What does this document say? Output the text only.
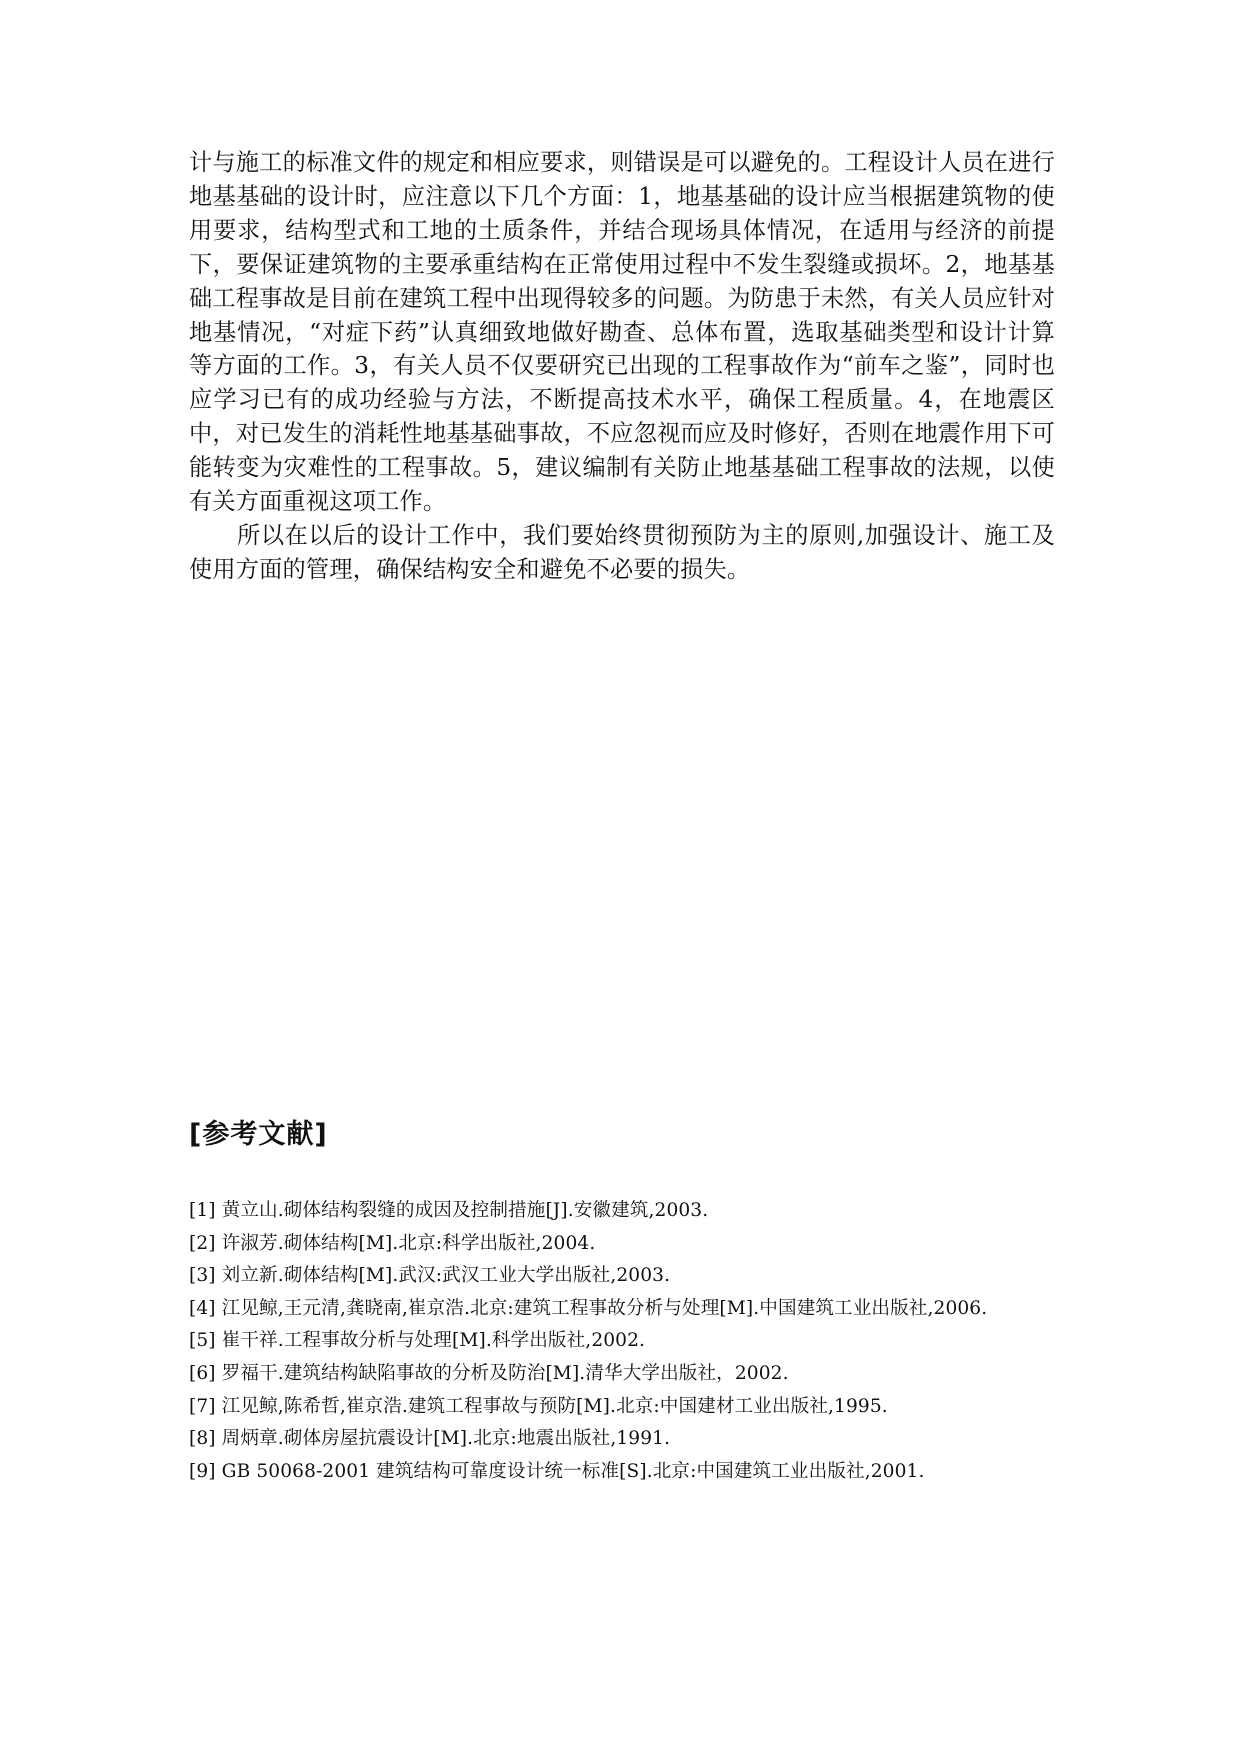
计与施工的标准文件的规定和相应要求，则错误是可以避免的。工程设计人员在进行地基基础的设计时，应注意以下几个方面：1，地基基础的设计应当根据建筑物的使用要求，结构型式和工地的土质条件，并结合现场具体情况，在适用与经济的前提下，要保证建筑物的主要承重结构在正常使用过程中不发生裂缝或损坏。2，地基基础工程事故是目前在建筑工程中出现得较多的问题。为防患于未然，有关人员应针对地基情况，“对症下药”认真细致地做好勘查、总体布置，选取基础类型和设计计算等方面的工作。3，有关人员不仅要研究已出现的工程事故作为“前车之鉴”，同时也应学习已有的成功经验与方法，不断提高技术水平，确保工程质量。4，在地震区中，对已发生的消耗性地基基础事故，不应忽视而应及时修好，否则在地震作用下可能转变为灾难性的工程事故。5，建议编制有关防止地基基础工程事故的法规，以使有关方面重视这项工作。

所以在以后的设计工作中，我们要始终贯彻预防为主的原则,加强设计、施工及使用方面的管理，确保结构安全和避免不必要的损失。

[参考文献]

[1] 黄立山.砌体结构裂缝的成因及控制措施[J].安徽建筑,2003.

[2] 许淑芳.砌体结构[M].北京:科学出版社,2004.

[3] 刘立新.砌体结构[M].武汉:武汉工业大学出版社,2003.

[4] 江见鲸,王元清,龚晓南,崔京浩.北京:建筑工程事故分析与处理[M].中国建筑工业出版社,2006.

[5] 崔干祥.工程事故分析与处理[M].科学出版社,2002.

[6] 罗福干.建筑结构缺陷事故的分析及防治[M].清华大学出版社，2002.

[7] 江见鲸,陈希哲,崔京浩.建筑工程事故与预防[M].北京:中国建材工业出版社,1995.

[8] 周炳章.砌体房屋抗震设计[M].北京:地震出版社,1991.

[9] GB 50068-2001 建筑结构可靠度设计统一标准[S].北京:中国建筑工业出版社,2001.
